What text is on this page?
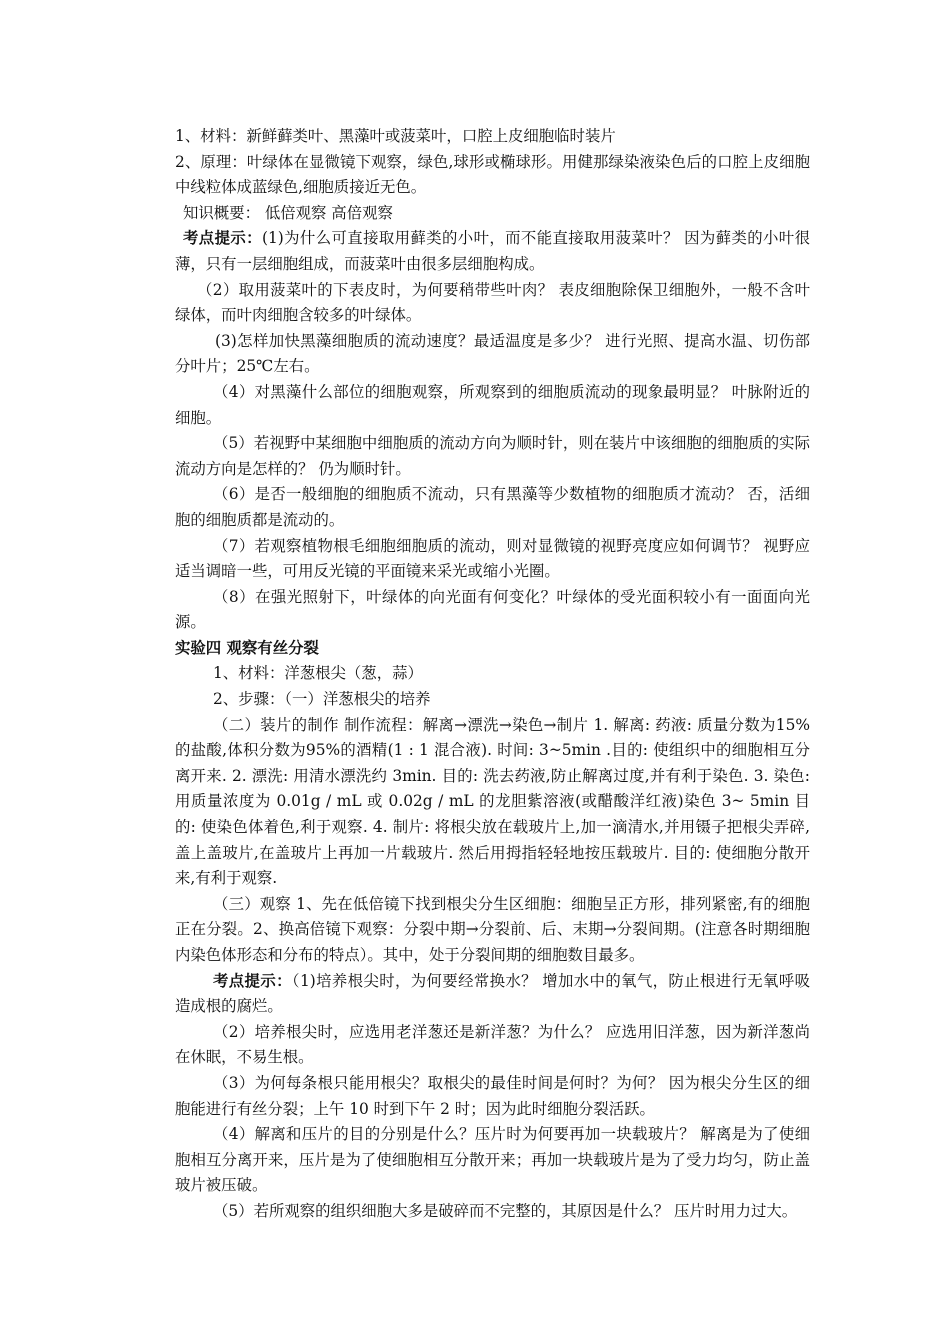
1、材料：新鲜藓类叶、黑藻叶或菠菜叶，口腔上皮细胞临时装片

2、原理：叶绿体在显微镜下观察，绿色,球形或椭球形。用健那绿染液染色后的口腔上皮细胞中线粒体成蓝绿色,细胞质接近无色。

知识概要： 低倍观察 高倍观察

考点提示：(1)为什么可直接取用藓类的小叶，而不能直接取用菠菜叶？ 因为藓类的小叶很薄，只有一层细胞组成，而菠菜叶由很多层细胞构成。

（2）取用菠菜叶的下表皮时，为何要稍带些叶肉？ 表皮细胞除保卫细胞外，一般不含叶绿体，而叶肉细胞含较多的叶绿体。

(3)怎样加快黑藻细胞质的流动速度？最适温度是多少？ 进行光照、提高水温、切伤部分叶片；25℃左右。

（4）对黑藻什么部位的细胞观察，所观察到的细胞质流动的现象最明显？ 叶脉附近的细胞。

（5）若视野中某细胞中细胞质的流动方向为顺时针，则在装片中该细胞的细胞质的实际流动方向是怎样的？ 仍为顺时针。

（6）是否一般细胞的细胞质不流动，只有黑藻等少数植物的细胞质才流动？ 否，活细胞的细胞质都是流动的。

（7）若观察植物根毛细胞细胞质的流动，则对显微镜的视野亮度应如何调节？ 视野应适当调暗一些，可用反光镜的平面镜来采光或缩小光圈。

（8）在强光照射下，叶绿体的向光面有何变化？叶绿体的受光面积较小有一面面向光源。

实验四 观察有丝分裂

1、材料：洋葱根尖（葱，蒜）

2、步骤：（一）洋葱根尖的培养

（二）装片的制作 制作流程：解离→漂洗→染色→制片 1. 解离: 药液: 质量分数为15%的盐酸,体积分数为95%的酒精(1 : 1 混合液). 时间: 3~5min .目的: 使组织中的细胞相互分离开来. 2. 漂洗: 用清水漂洗约 3min. 目的: 洗去药液,防止解离过度,并有利于染色. 3. 染色: 用质量浓度为 0.01g / mL 或 0.02g / mL 的龙胆紫溶液(或醋酸洋红液)染色 3~ 5min 目的: 使染色体着色,利于观察. 4. 制片: 将根尖放在载玻片上,加一滴清水,并用镊子把根尖弄碎,盖上盖玻片,在盖玻片上再加一片载玻片. 然后用拇指轻轻地按压载玻片. 目的: 使细胞分散开来,有利于观察.

（三）观察 1、先在低倍镜下找到根尖分生区细胞：细胞呈正方形，排列紧密,有的细胞正在分裂。2、换高倍镜下观察：分裂中期→分裂前、后、末期→分裂间期。(注意各时期细胞内染色体形态和分布的特点）。其中，处于分裂间期的细胞数目最多。

考点提示：（1)培养根尖时，为何要经常换水？ 增加水中的氧气，防止根进行无氧呼吸造成根的腐烂。

（2）培养根尖时，应选用老洋葱还是新洋葱？为什么？ 应选用旧洋葱，因为新洋葱尚在休眠，不易生根。

（3）为何每条根只能用根尖？取根尖的最佳时间是何时？为何？ 因为根尖分生区的细胞能进行有丝分裂；上午 10 时到下午 2 时；因为此时细胞分裂活跃。

（4）解离和压片的目的分别是什么？压片时为何要再加一块载玻片？ 解离是为了使细胞相互分离开来，压片是为了使细胞相互分散开来；再加一块载玻片是为了受力均匀，防止盖玻片被压破。

（5）若所观察的组织细胞大多是破碎而不完整的，其原因是什么？ 压片时用力过大。
